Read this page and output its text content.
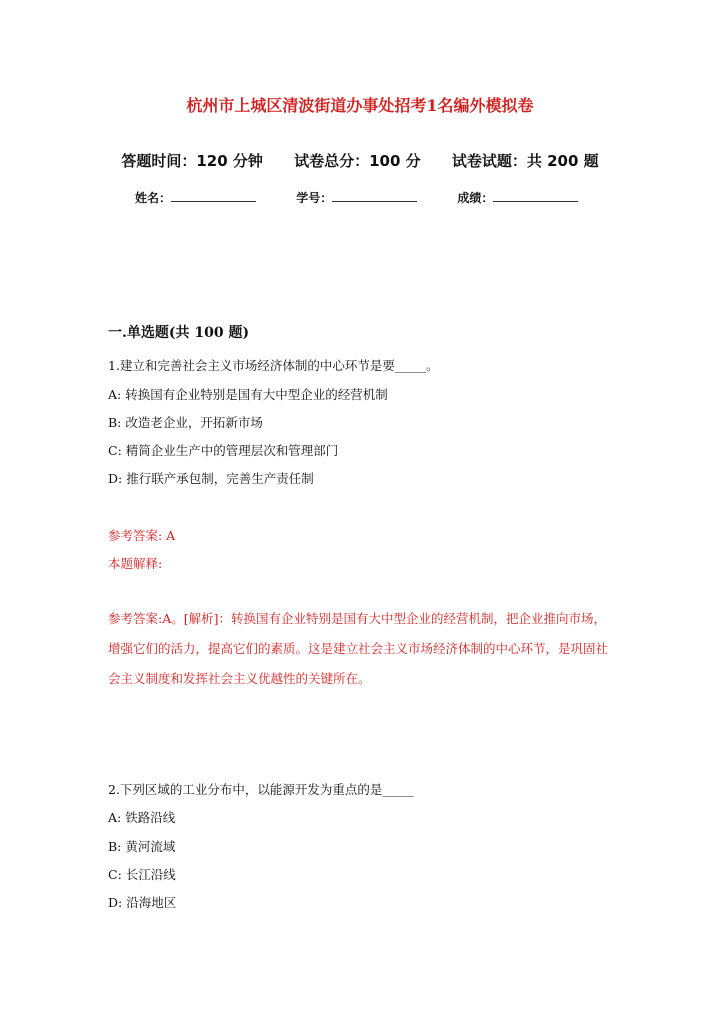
杭州市上城区清波街道办事处招考1名编外模拟卷
答题时间：120 分钟 试卷总分：100 分 试卷试题：共 200 题
姓名：	学号：	成绩：
一.单选题(共 100 题)
1.建立和完善社会主义市场经济体制的中心环节是要_____。
A: 转换国有企业特别是国有大中型企业的经营机制
B: 改造老企业，开拓新市场
C: 精简企业生产中的管理层次和管理部门
D: 推行联产承包制，完善生产责任制
参考答案: A
本题解释:
参考答案:A。[解析]：转换国有企业特别是国有大中型企业的经营机制，把企业推向市场，增强它们的活力，提高它们的素质。这是建立社会主义市场经济体制的中心环节，是巩固社会主义制度和发挥社会主义优越性的关键所在。
2.下列区域的工业分布中，以能源开发为重点的是_____
A: 铁路沿线
B: 黄河流域
C: 长江沿线
D: 沿海地区
